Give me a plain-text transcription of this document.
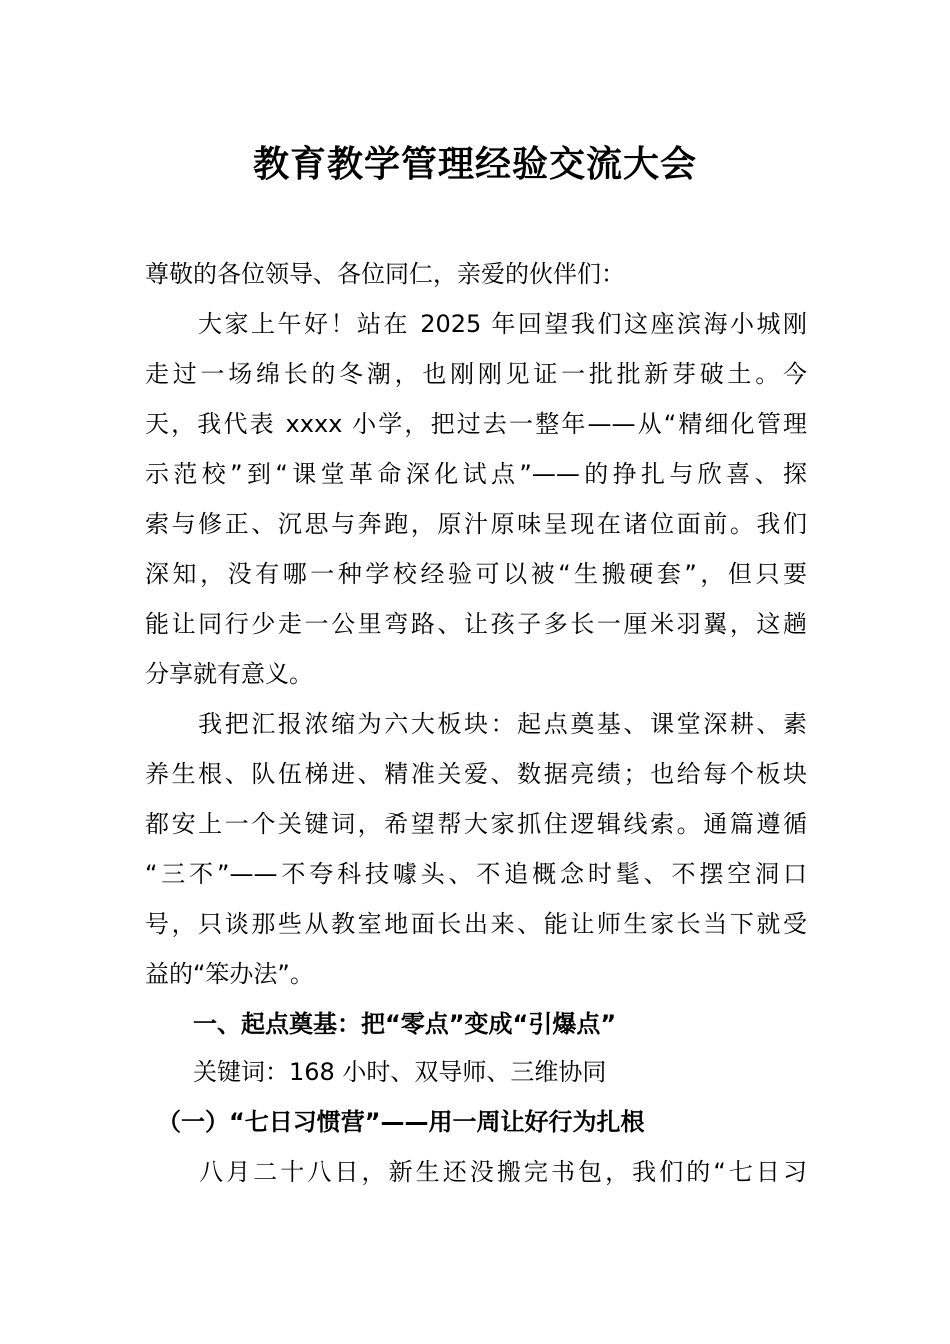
教育教学管理经验交流大会
尊敬的各位领导、各位同仁，亲爱的伙伴们：
　　大家上午好！站在 2025 年回望我们这座滨海小城刚
走过一场绵长的冬潮，也刚刚见证一批批新芽破土。今
天，我代表 xxxx 小学，把过去一整年——从“精细化管理
示范校”到“课堂革命深化试点”——的挣扎与欣喜、探
索与修正、沉思与奔跑，原汁原味呈现在诸位面前。我们
深知，没有哪一种学校经验可以被“生搬硬套”，但只要
能让同行少走一公里弯路、让孩子多长一厘米羽翼，这趟
分享就有意义。
　　我把汇报浓缩为六大板块：起点奠基、课堂深耕、素
养生根、队伍梯进、精准关爱、数据亮绩；也给每个板块
都安上一个关键词，希望帮大家抓住逻辑线索。通篇遵循
“三不”——不夸科技噱头、不追概念时髦、不摆空洞口
号，只谈那些从教室地面长出来、能让师生家长当下就受
益的“笨办法”。
　　一、起点奠基：把“零点”变成“引爆点”
　　关键词：168 小时、双导师、三维协同
　（一）“七日习惯营”——用一周让好行为扎根
　　八月二十八日，新生还没搬完书包，我们的“七日习
